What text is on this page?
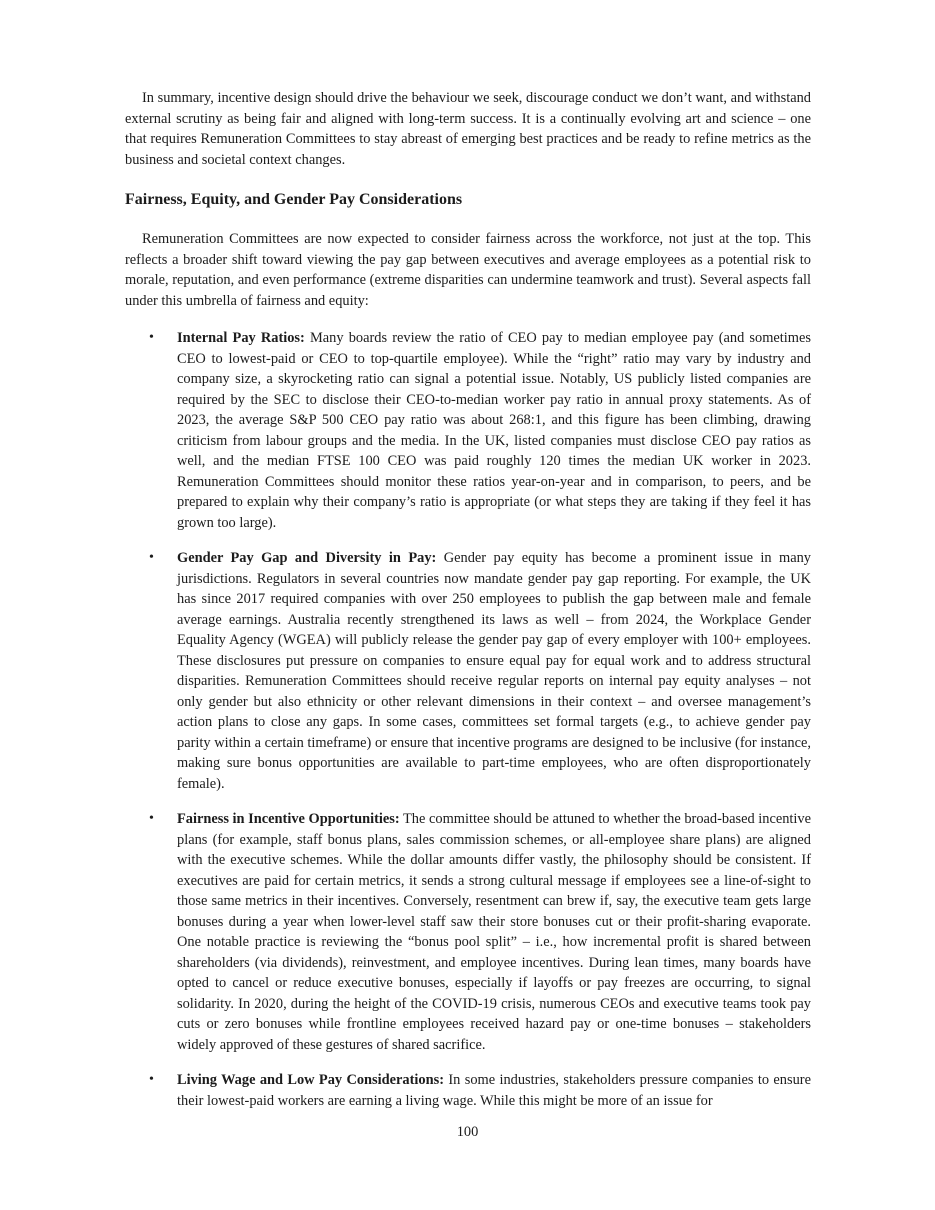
In summary, incentive design should drive the behaviour we seek, discourage conduct we don’t want, and withstand external scrutiny as being fair and aligned with long-term success. It is a continually evolving art and science – one that requires Remuneration Committees to stay abreast of emerging best practices and be ready to refine metrics as the business and societal context changes.

Fairness, Equity, and Gender Pay Considerations

Remuneration Committees are now expected to consider fairness across the workforce, not just at the top. This reflects a broader shift toward viewing the pay gap between executives and average employees as a potential risk to morale, reputation, and even performance (extreme disparities can undermine teamwork and trust). Several aspects fall under this umbrella of fairness and equity:

• Internal Pay Ratios: Many boards review the ratio of CEO pay to median employee pay (and sometimes CEO to lowest-paid or CEO to top-quartile employee). While the “right” ratio may vary by industry and company size, a skyrocketing ratio can signal a potential issue. Notably, US publicly listed companies are required by the SEC to disclose their CEO-to-median worker pay ratio in annual proxy statements. As of 2023, the average S&P 500 CEO pay ratio was about 268:1, and this figure has been climbing, drawing criticism from labour groups and the media. In the UK, listed companies must disclose CEO pay ratios as well, and the median FTSE 100 CEO was paid roughly 120 times the median UK worker in 2023. Remuneration Committees should monitor these ratios year-on-year and in comparison, to peers, and be prepared to explain why their company’s ratio is appropriate (or what steps they are taking if they feel it has grown too large).
• Gender Pay Gap and Diversity in Pay: Gender pay equity has become a prominent issue in many jurisdictions. Regulators in several countries now mandate gender pay gap reporting. For example, the UK has since 2017 required companies with over 250 employees to publish the gap between male and female average earnings. Australia recently strengthened its laws as well – from 2024, the Workplace Gender Equality Agency (WGEA) will publicly release the gender pay gap of every employer with 100+ employees. These disclosures put pressure on companies to ensure equal pay for equal work and to address structural disparities. Remuneration Committees should receive regular reports on internal pay equity analyses – not only gender but also ethnicity or other relevant dimensions in their context – and oversee management’s action plans to close any gaps. In some cases, committees set formal targets (e.g., to achieve gender pay parity within a certain timeframe) or ensure that incentive programs are designed to be inclusive (for instance, making sure bonus opportunities are available to part-time employees, who are often disproportionately female).
• Fairness in Incentive Opportunities: The committee should be attuned to whether the broad-based incentive plans (for example, staff bonus plans, sales commission schemes, or all-employee share plans) are aligned with the executive schemes. While the dollar amounts differ vastly, the philosophy should be consistent. If executives are paid for certain metrics, it sends a strong cultural message if employees see a line-of-sight to those same metrics in their incentives. Conversely, resentment can brew if, say, the executive team gets large bonuses during a year when lower-level staff saw their store bonuses cut or their profit-sharing evaporate. One notable practice is reviewing the “bonus pool split” – i.e., how incremental profit is shared between shareholders (via dividends), reinvestment, and employee incentives. During lean times, many boards have opted to cancel or reduce executive bonuses, especially if layoffs or pay freezes are occurring, to signal solidarity. In 2020, during the height of the COVID-19 crisis, numerous CEOs and executive teams took pay cuts or zero bonuses while frontline employees received hazard pay or one-time bonuses – stakeholders widely approved of these gestures of shared sacrifice.
• Living Wage and Low Pay Considerations: In some industries, stakeholders pressure companies to ensure their lowest-paid workers are earning a living wage. While this might be more of an issue for
100
